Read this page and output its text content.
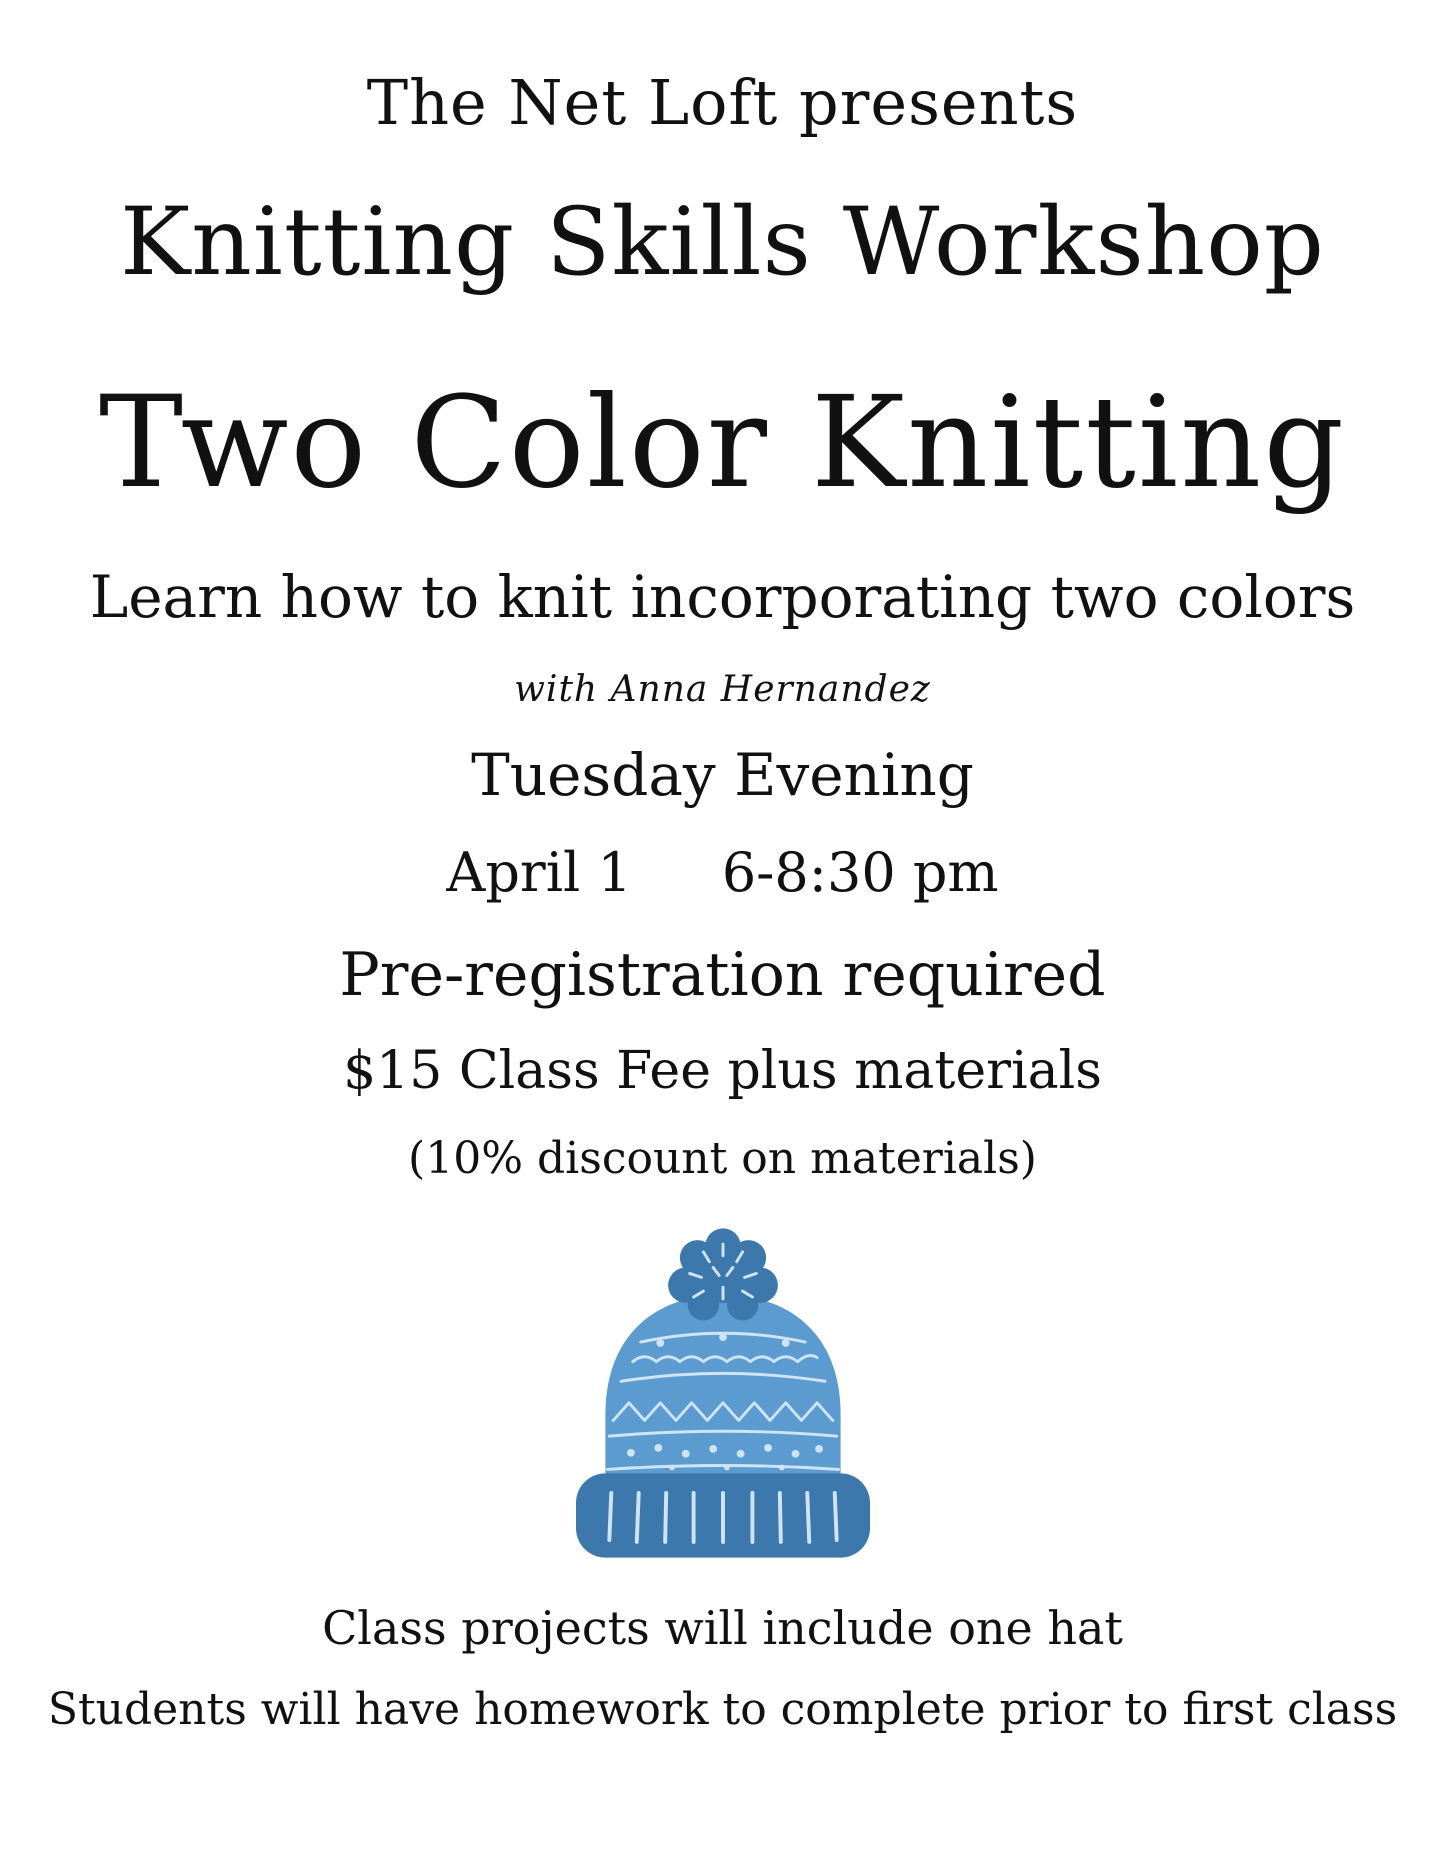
The Net Loft presents
Knitting Skills Workshop
Two Color Knitting
Learn how to knit incorporating two colors
with Anna Hernandez
Tuesday Evening
April 1 6-8:30 pm
Pre-registration required
$15 Class Fee plus materials
(10% discount on materials)
Class projects will include one hat
Students will have homework to complete prior to first class
